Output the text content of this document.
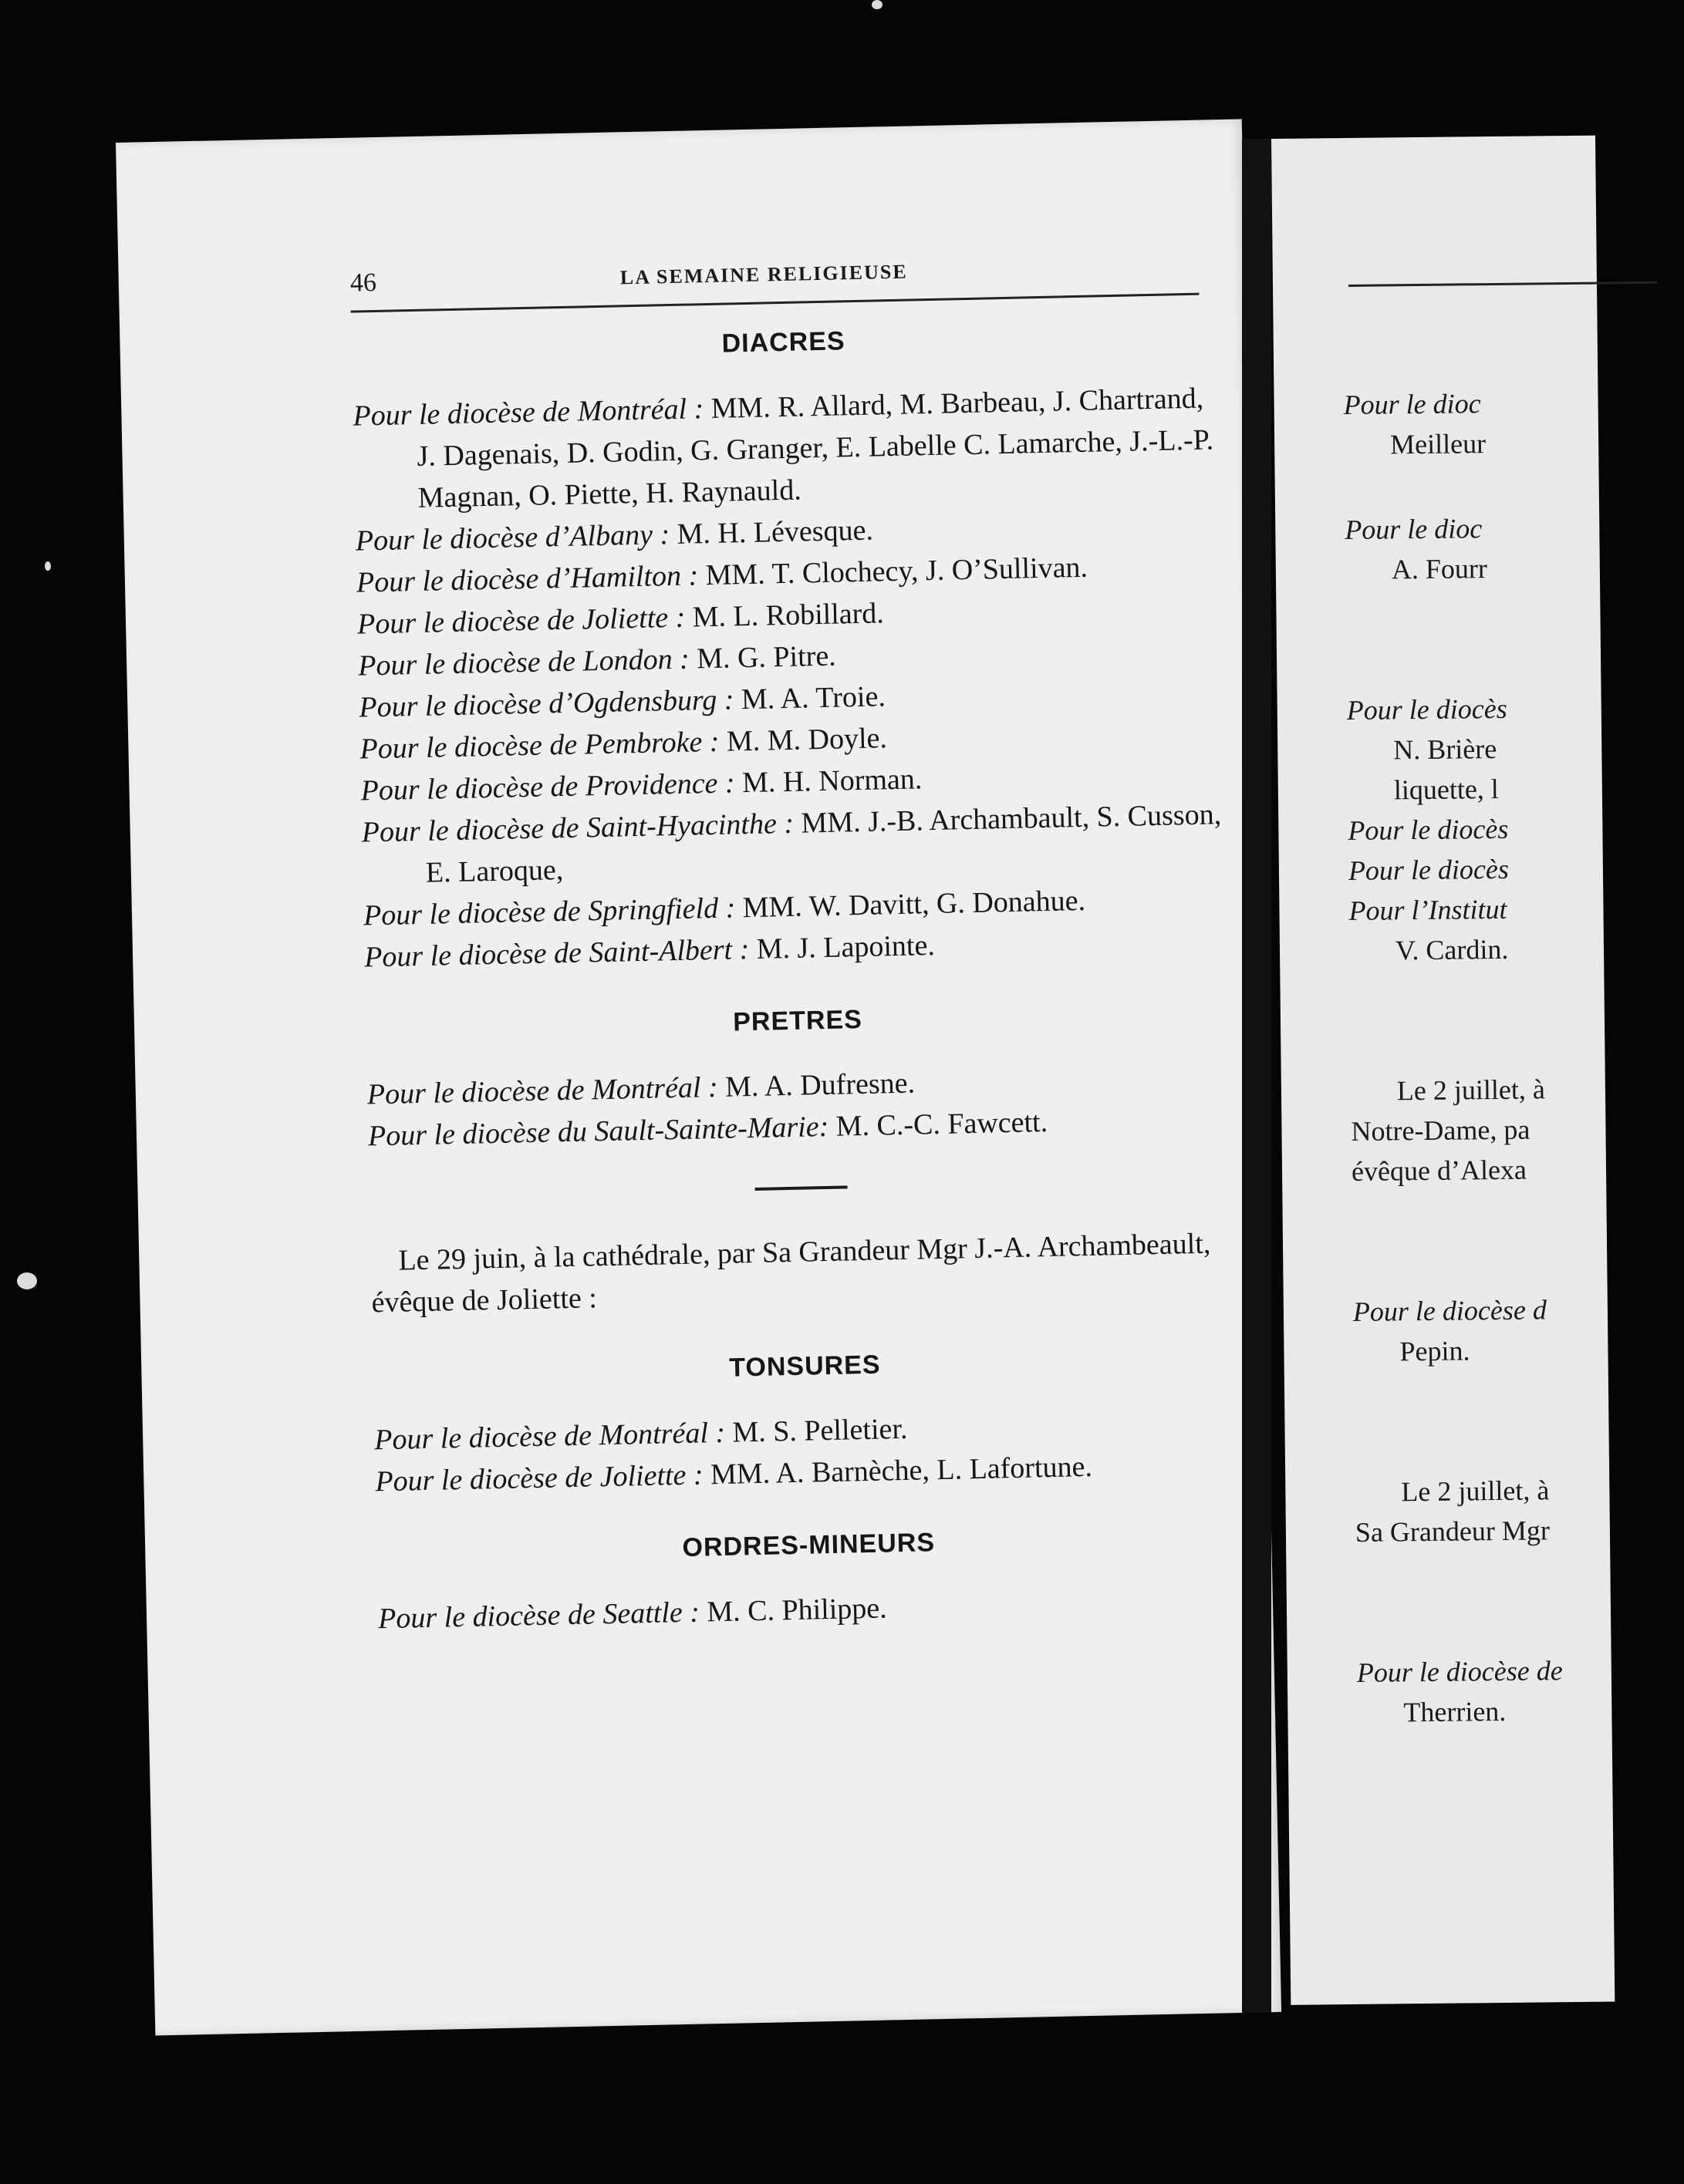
46	LA SEMAINE RELIGIEUSE

DIACRES

Pour le diocèse de Montréal : MM. R. Allard, M. Barbeau, J. Chartrand, J. Dagenais, D. Godin, G. Granger, E. Labelle C. Lamarche, J.-L.-P. Magnan, O. Piette, H. Raynauld.

Pour le diocèse d’Albany : M. H. Lévesque.

Pour le diocèse d’Hamilton : MM. T. Clochecy, J. O’Sullivan.

Pour le diocèse de Joliette : M. L. Robillard.

Pour le diocèse de London : M. G. Pitre.

Pour le diocèse d’Ogdensburg : M. A. Troie.

Pour le diocèse de Pembroke : M. M. Doyle.

Pour le diocèse de Providence : M. H. Norman.

Pour le diocèse de Saint-Hyacinthe : MM. J.-B. Archambault, S. Cusson, E. Laroque,

Pour le diocèse de Springfield : MM. W. Davitt, G. Donahue.

Pour le diocèse de Saint-Albert : M. J. Lapointe.

PRETRES

Pour le diocèse de Montréal : M. A. Dufresne.

Pour le diocèse du Sault-Sainte-Marie: M. C.-C. Fawcett.

Le 29 juin, à la cathédrale, par Sa Grandeur Mgr J.-A. Archambeault, évêque de Joliette :

TONSURES

Pour le diocèse de Montréal : M. S. Pelletier.

Pour le diocèse de Joliette : MM. A. Barnèche, L. Lafortune.

ORDRES-MINEURS

Pour le diocèse de Seattle : M. C. Philippe.

Pour le dioc

Meilleur

Pour le dioc

A. Fourr

Pour le diocès

N. Brière

liquette, l

Pour le diocès

Pour le diocès

Pour l’Institut

V. Cardin.

Le 2 juillet, à

Notre-Dame, pa

évêque d’Alexa

Pour le diocèse d

Pepin.

Le 2 juillet, à

Sa Grandeur Mgr

Pour le diocèse de

Therrien.
